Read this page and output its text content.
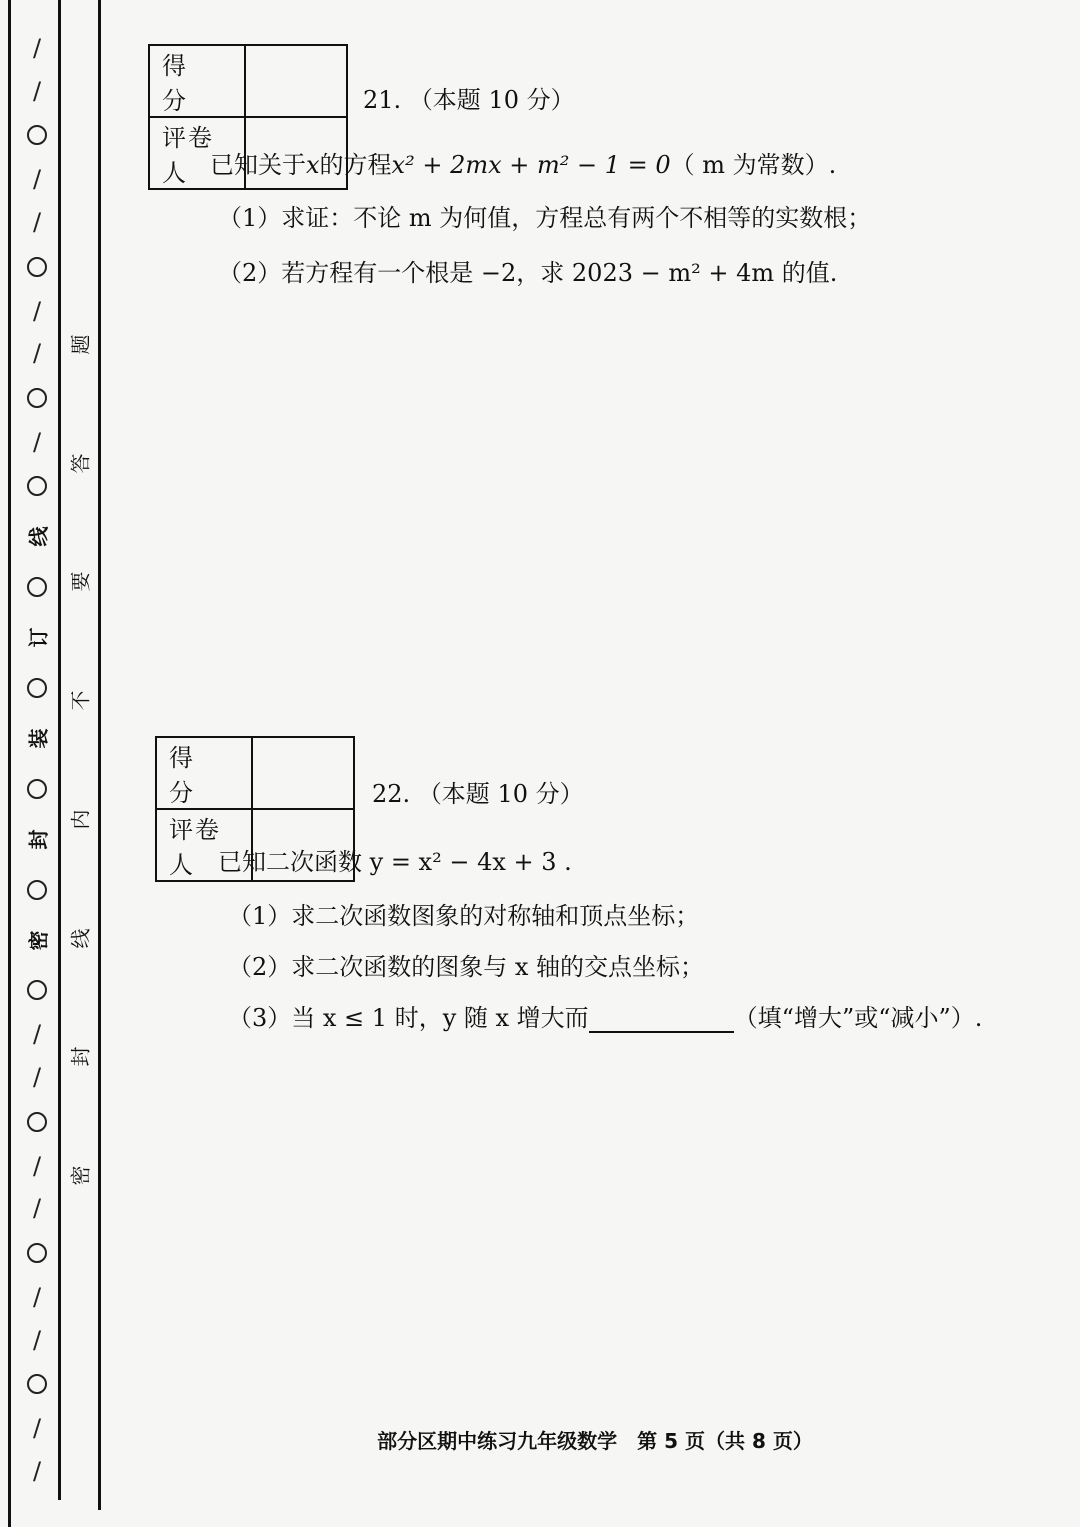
/
/
/
/
/
/
/
线
订
装
封
密
/
/
/
/
/
/
/
/
题
答
要
不
内
线
封
密
得　分	
评卷人	
21. （本题 10 分）
已知关于x的方程x² + 2mx + m² − 1 = 0（ m 为常数）.
（1）求证：不论 m 为何值，方程总有两个不相等的实数根；
（2）若方程有一个根是 −2，求 2023 − m² + 4m 的值.
得　分	
评卷人	
22. （本题 10 分）
已知二次函数 y = x² − 4x + 3 .
（1）求二次函数图象的对称轴和顶点坐标；
（2）求二次函数的图象与 x 轴的交点坐标；
（3）当 x ≤ 1 时，y 随 x 增大而	（填“增大”或“减小”）.
部分区期中练习九年级数学　第 5 页（共 8 页）
